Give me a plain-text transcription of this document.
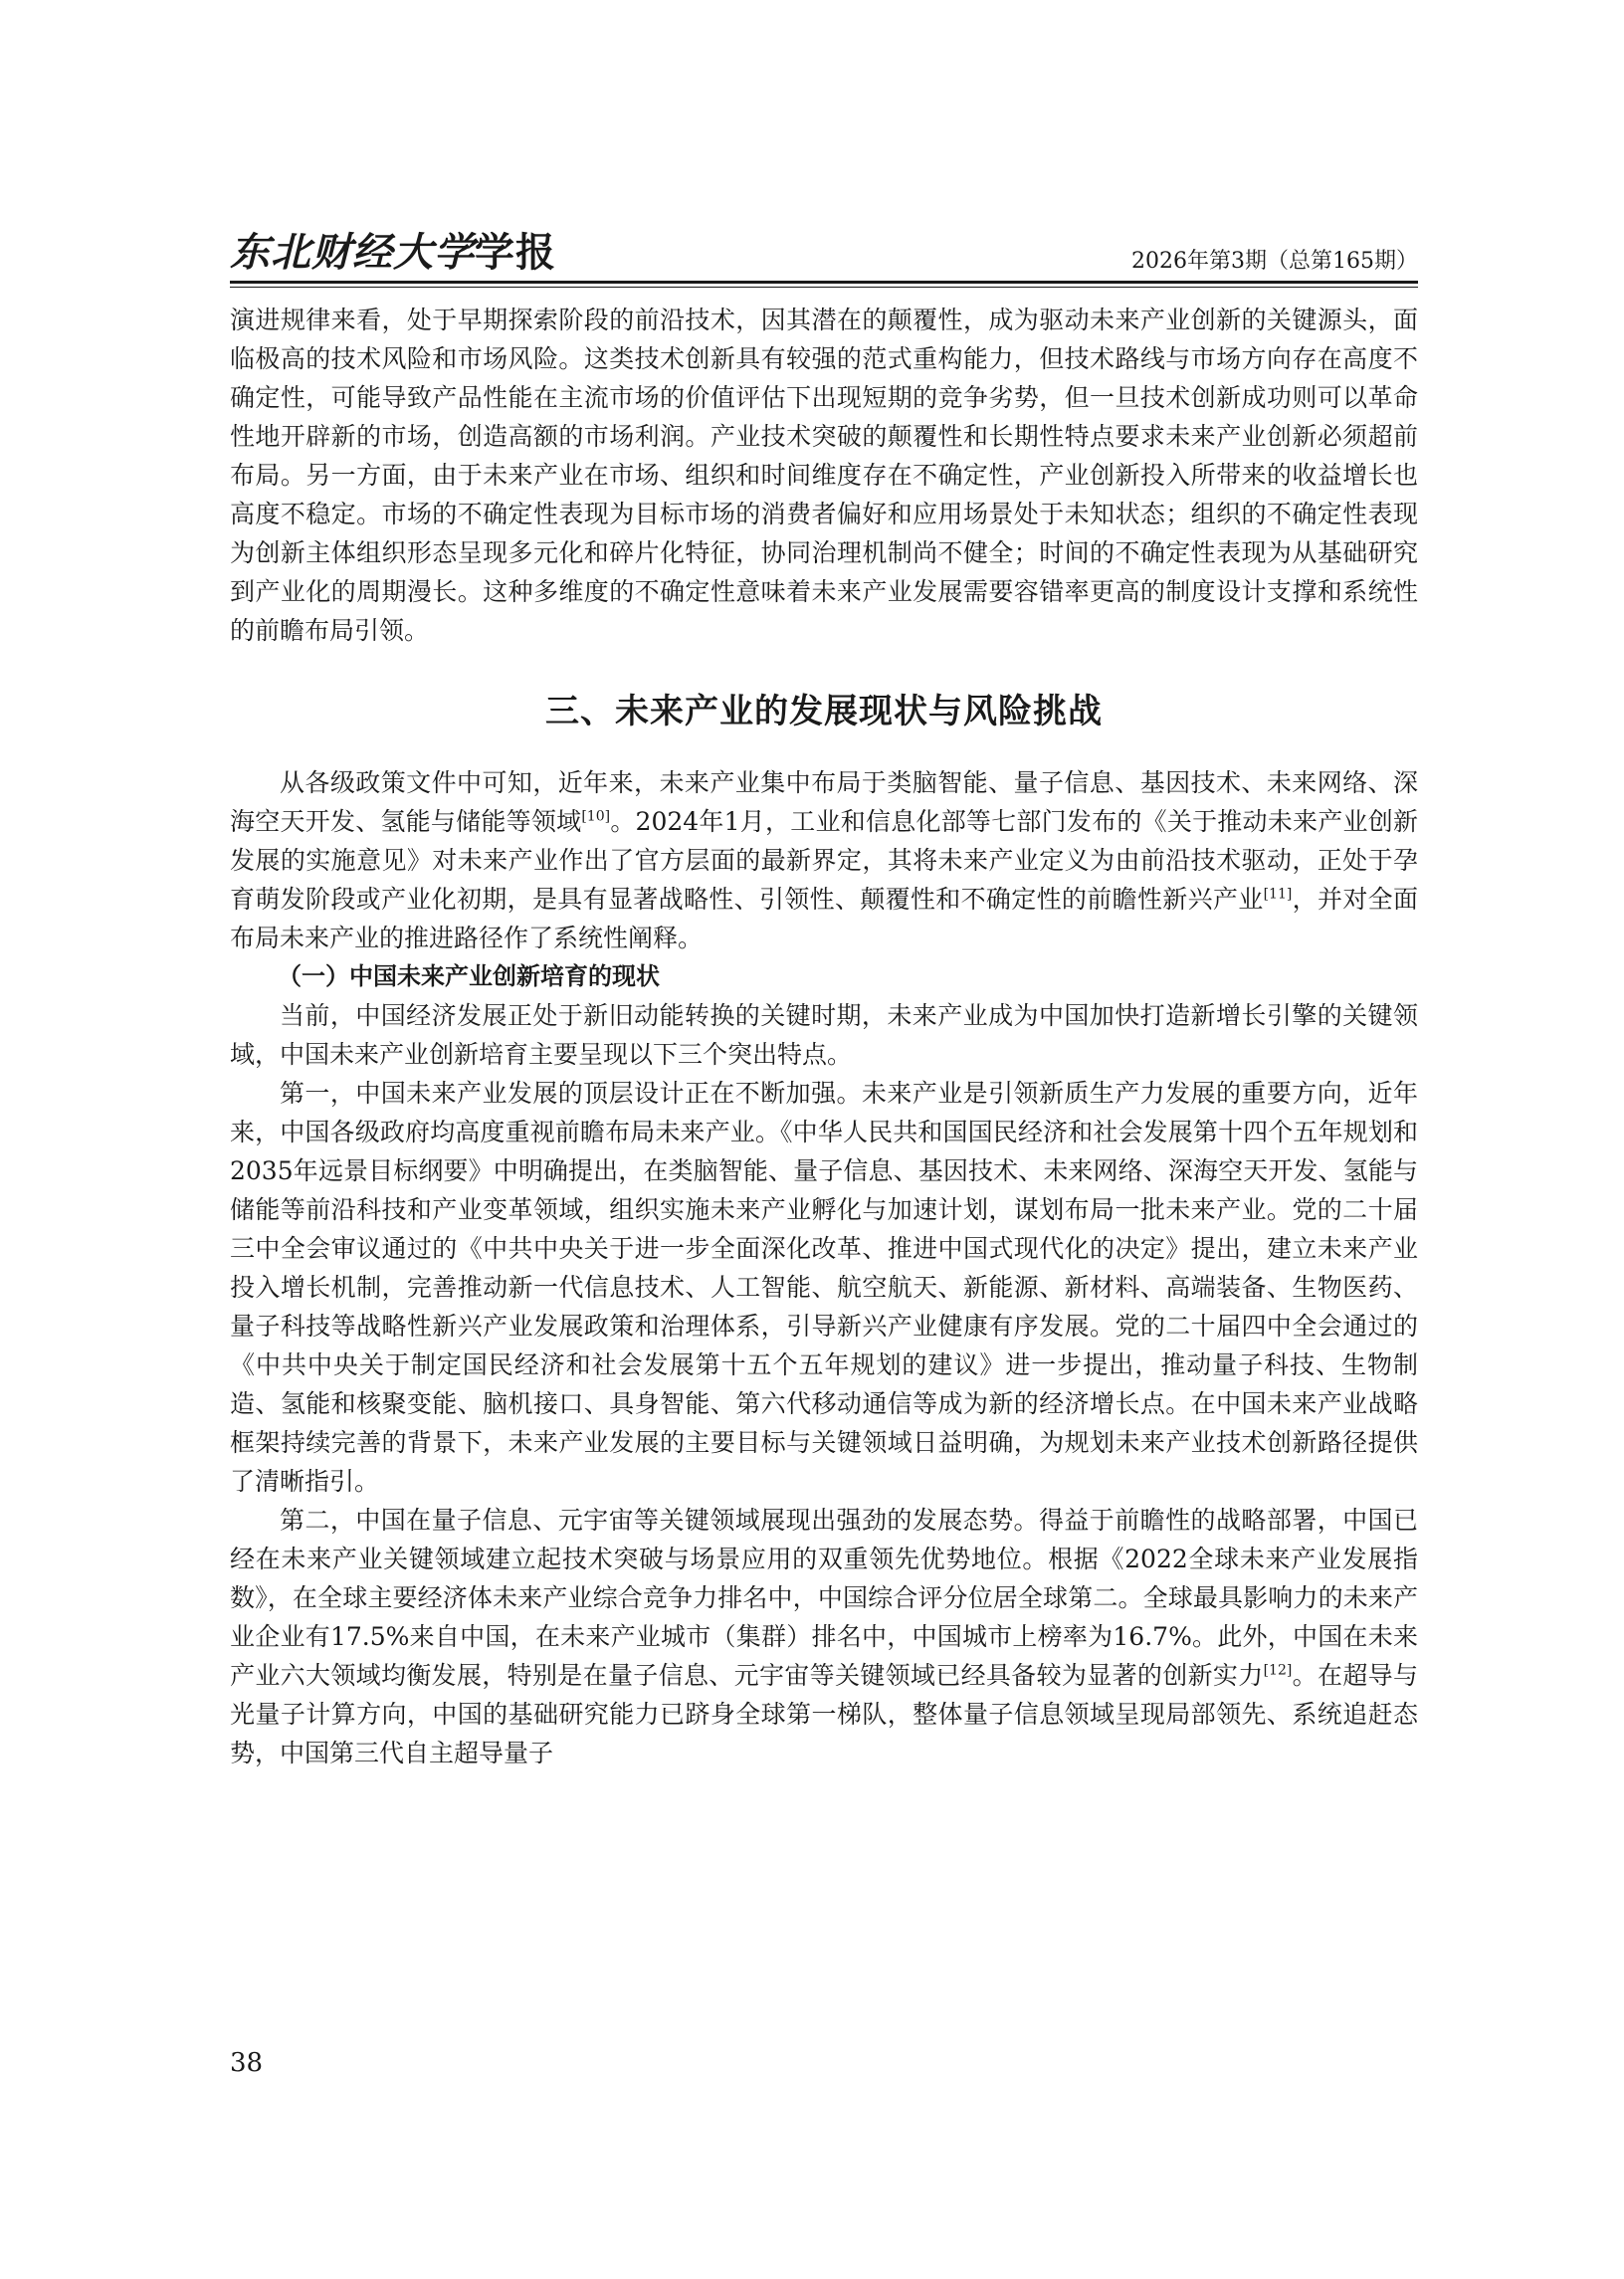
东北财经大学学报	2026年第3期（总第165期）

演进规律来看，处于早期探索阶段的前沿技术，因其潜在的颠覆性，成为驱动未来产业创新的关键源头，面临极高的技术风险和市场风险。这类技术创新具有较强的范式重构能力，但技术路线与市场方向存在高度不确定性，可能导致产品性能在主流市场的价值评估下出现短期的竞争劣势，但一旦技术创新成功则可以革命性地开辟新的市场，创造高额的市场利润。产业技术突破的颠覆性和长期性特点要求未来产业创新必须超前布局。另一方面，由于未来产业在市场、组织和时间维度存在不确定性，产业创新投入所带来的收益增长也高度不稳定。市场的不确定性表现为目标市场的消费者偏好和应用场景处于未知状态；组织的不确定性表现为创新主体组织形态呈现多元化和碎片化特征，协同治理机制尚不健全；时间的不确定性表现为从基础研究到产业化的周期漫长。这种多维度的不确定性意味着未来产业发展需要容错率更高的制度设计支撑和系统性的前瞻布局引领。

三、未来产业的发展现状与风险挑战

从各级政策文件中可知，近年来，未来产业集中布局于类脑智能、量子信息、基因技术、未来网络、深海空天开发、氢能与储能等领域[10]。2024年1月，工业和信息化部等七部门发布的《关于推动未来产业创新发展的实施意见》对未来产业作出了官方层面的最新界定，其将未来产业定义为由前沿技术驱动，正处于孕育萌发阶段或产业化初期，是具有显著战略性、引领性、颠覆性和不确定性的前瞻性新兴产业[11]，并对全面布局未来产业的推进路径作了系统性阐释。

（一）中国未来产业创新培育的现状

当前，中国经济发展正处于新旧动能转换的关键时期，未来产业成为中国加快打造新增长引擎的关键领域，中国未来产业创新培育主要呈现以下三个突出特点。

第一，中国未来产业发展的顶层设计正在不断加强。未来产业是引领新质生产力发展的重要方向，近年来，中国各级政府均高度重视前瞻布局未来产业。《中华人民共和国国民经济和社会发展第十四个五年规划和2035年远景目标纲要》中明确提出，在类脑智能、量子信息、基因技术、未来网络、深海空天开发、氢能与储能等前沿科技和产业变革领域，组织实施未来产业孵化与加速计划，谋划布局一批未来产业。党的二十届三中全会审议通过的《中共中央关于进一步全面深化改革、推进中国式现代化的决定》提出，建立未来产业投入增长机制，完善推动新一代信息技术、人工智能、航空航天、新能源、新材料、高端装备、生物医药、量子科技等战略性新兴产业发展政策和治理体系，引导新兴产业健康有序发展。党的二十届四中全会通过的《中共中央关于制定国民经济和社会发展第十五个五年规划的建议》进一步提出，推动量子科技、生物制造、氢能和核聚变能、脑机接口、具身智能、第六代移动通信等成为新的经济增长点。在中国未来产业战略框架持续完善的背景下，未来产业发展的主要目标与关键领域日益明确，为规划未来产业技术创新路径提供了清晰指引。

第二，中国在量子信息、元宇宙等关键领域展现出强劲的发展态势。得益于前瞻性的战略部署，中国已经在未来产业关键领域建立起技术突破与场景应用的双重领先优势地位。根据《2022全球未来产业发展指数》，在全球主要经济体未来产业综合竞争力排名中，中国综合评分位居全球第二。全球最具影响力的未来产业企业有17.5%来自中国，在未来产业城市（集群）排名中，中国城市上榜率为16.7%。此外，中国在未来产业六大领域均衡发展，特别是在量子信息、元宇宙等关键领域已经具备较为显著的创新实力[12]。在超导与光量子计算方向，中国的基础研究能力已跻身全球第一梯队，整体量子信息领域呈现局部领先、系统追赶态势，中国第三代自主超导量子

38
